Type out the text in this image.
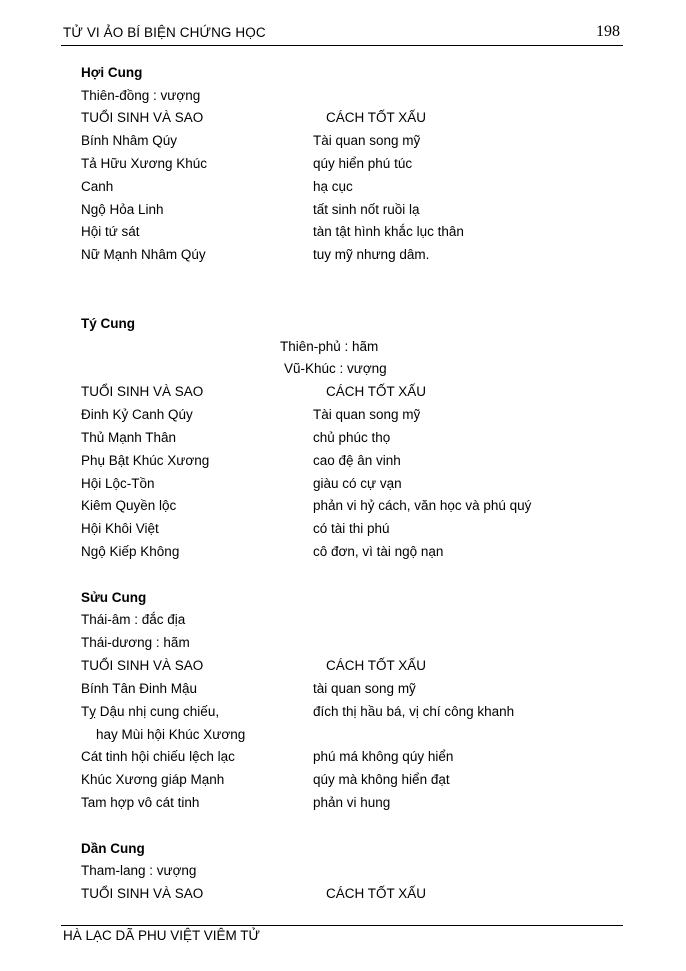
TỬ VI ẢO BÍ BIỆN CHỨNG HỌC	198
Hợi Cung
Thiên-đồng : vượng
TUỔI SINH VÀ SAO	CÁCH TỐT XẤU
Bính Nhâm Qúy	Tài quan song mỹ
Tả Hữu Xương Khúc	qúy hiển phú túc
Canh	hạ cục
Ngộ Hỏa Linh	tất sinh nốt ruồi lạ
Hội tứ sát	tàn tật hình khắc lục thân
Nữ Mạnh Nhâm Qúy	tuy mỹ nhưng dâm.
Tý Cung
Thiên-phủ : hãm
Vũ-Khúc : vượng
TUỔI SINH VÀ SAO	CÁCH TỐT XẤU
Đinh Kỷ Canh Qúy	Tài quan song mỹ
Thủ Mạnh Thân	chủ phúc thọ
Phụ Bật Khúc Xương	cao đệ ân vinh
Hội Lộc-Tồn	giàu có cự vạn
Kiêm Quyền lộc	phản vi hỷ cách, văn học và phú quý
Hội Khôi Việt	có tài thi phú
Ngộ Kiếp Không	cô đơn, vì tài ngộ nạn
Sửu Cung
Thái-âm : đắc địa
Thái-dương : hãm
TUỔI SINH VÀ SAO	CÁCH TỐT XẤU
Bính Tân Đinh Mậu	tài quan song mỹ
Tỵ Dậu nhị cung chiếu,	đích thị hầu bá, vị chí công khanh
hay Mùi hội Khúc Xương
Cát tinh hội chiếu lệch lạc	phú má không qúy hiển
Khúc Xương giáp Mạnh	qúy mà không hiển đạt
Tam hợp vô cát tinh	phản vi hung
Dần Cung
Tham-lang : vượng
TUỔI SINH VÀ SAO	CÁCH TỐT XẤU
HÀ LẠC DÃ PHU VIỆT VIÊM TỬ
